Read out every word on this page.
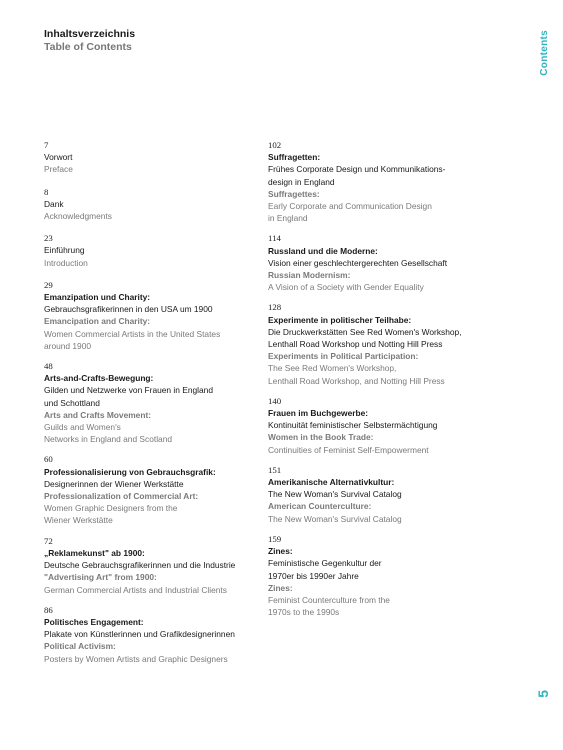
Inhaltsverzeichnis
Table of Contents	Contents
5
7
Vorwort
Preface
8
Dank
Acknowledgments
23
Einführung
Introduction
29
Emanzipation und Charity:
Gebrauchsgrafikerinnen in den USA um 1900
Emancipation and Charity:
Women Commercial Artists in the United States
around 1900
48
Arts-and-Crafts-Bewegung:
Gilden und Netzwerke von Frauen in England
und Schottland
Arts and Crafts Movement:
Guilds and Women's
Networks in England and Scotland
60
Professionalisierung von Gebrauchsgrafik:
Designerinnen der Wiener Werkstätte
Professionalization of Commercial Art:
Women Graphic Designers from the
Wiener Werkstätte
72
„Reklamekunst" ab 1900:
Deutsche Gebrauchsgrafikerinnen und die Industrie
"Advertising Art" from 1900:
German Commercial Artists and Industrial Clients
86
Politisches Engagement:
Plakate von Künstlerinnen und Grafikdesignerinnen
Political Activism:
Posters by Women Artists and Graphic Designers
102
Suffragetten:
Frühes Corporate Design und Kommunikations-
design in England
Suffragettes:
Early Corporate and Communication Design
in England
114
Russland und die Moderne:
Vision einer geschlechtergerechten Gesellschaft
Russian Modernism:
A Vision of a Society with Gender Equality
128
Experimente in politischer Teilhabe:
Die Druckwerkstätten See Red Women's Workshop,
Lenthall Road Workshop und Notting Hill Press
Experiments in Political Participation:
The See Red Women's Workshop,
Lenthall Road Workshop, and Notting Hill Press
140
Frauen im Buchgewerbe:
Kontinuität feministischer Selbstermächtigung
Women in the Book Trade:
Continuities of Feminist Self-Empowerment
151
Amerikanische Alternativkultur:
The New Woman's Survival Catalog
American Counterculture:
The New Woman's Survival Catalog
159
Zines:
Feministische Gegenkultur der
1970er bis 1990er Jahre
Zines:
Feminist Counterculture from the
1970s to the 1990s
